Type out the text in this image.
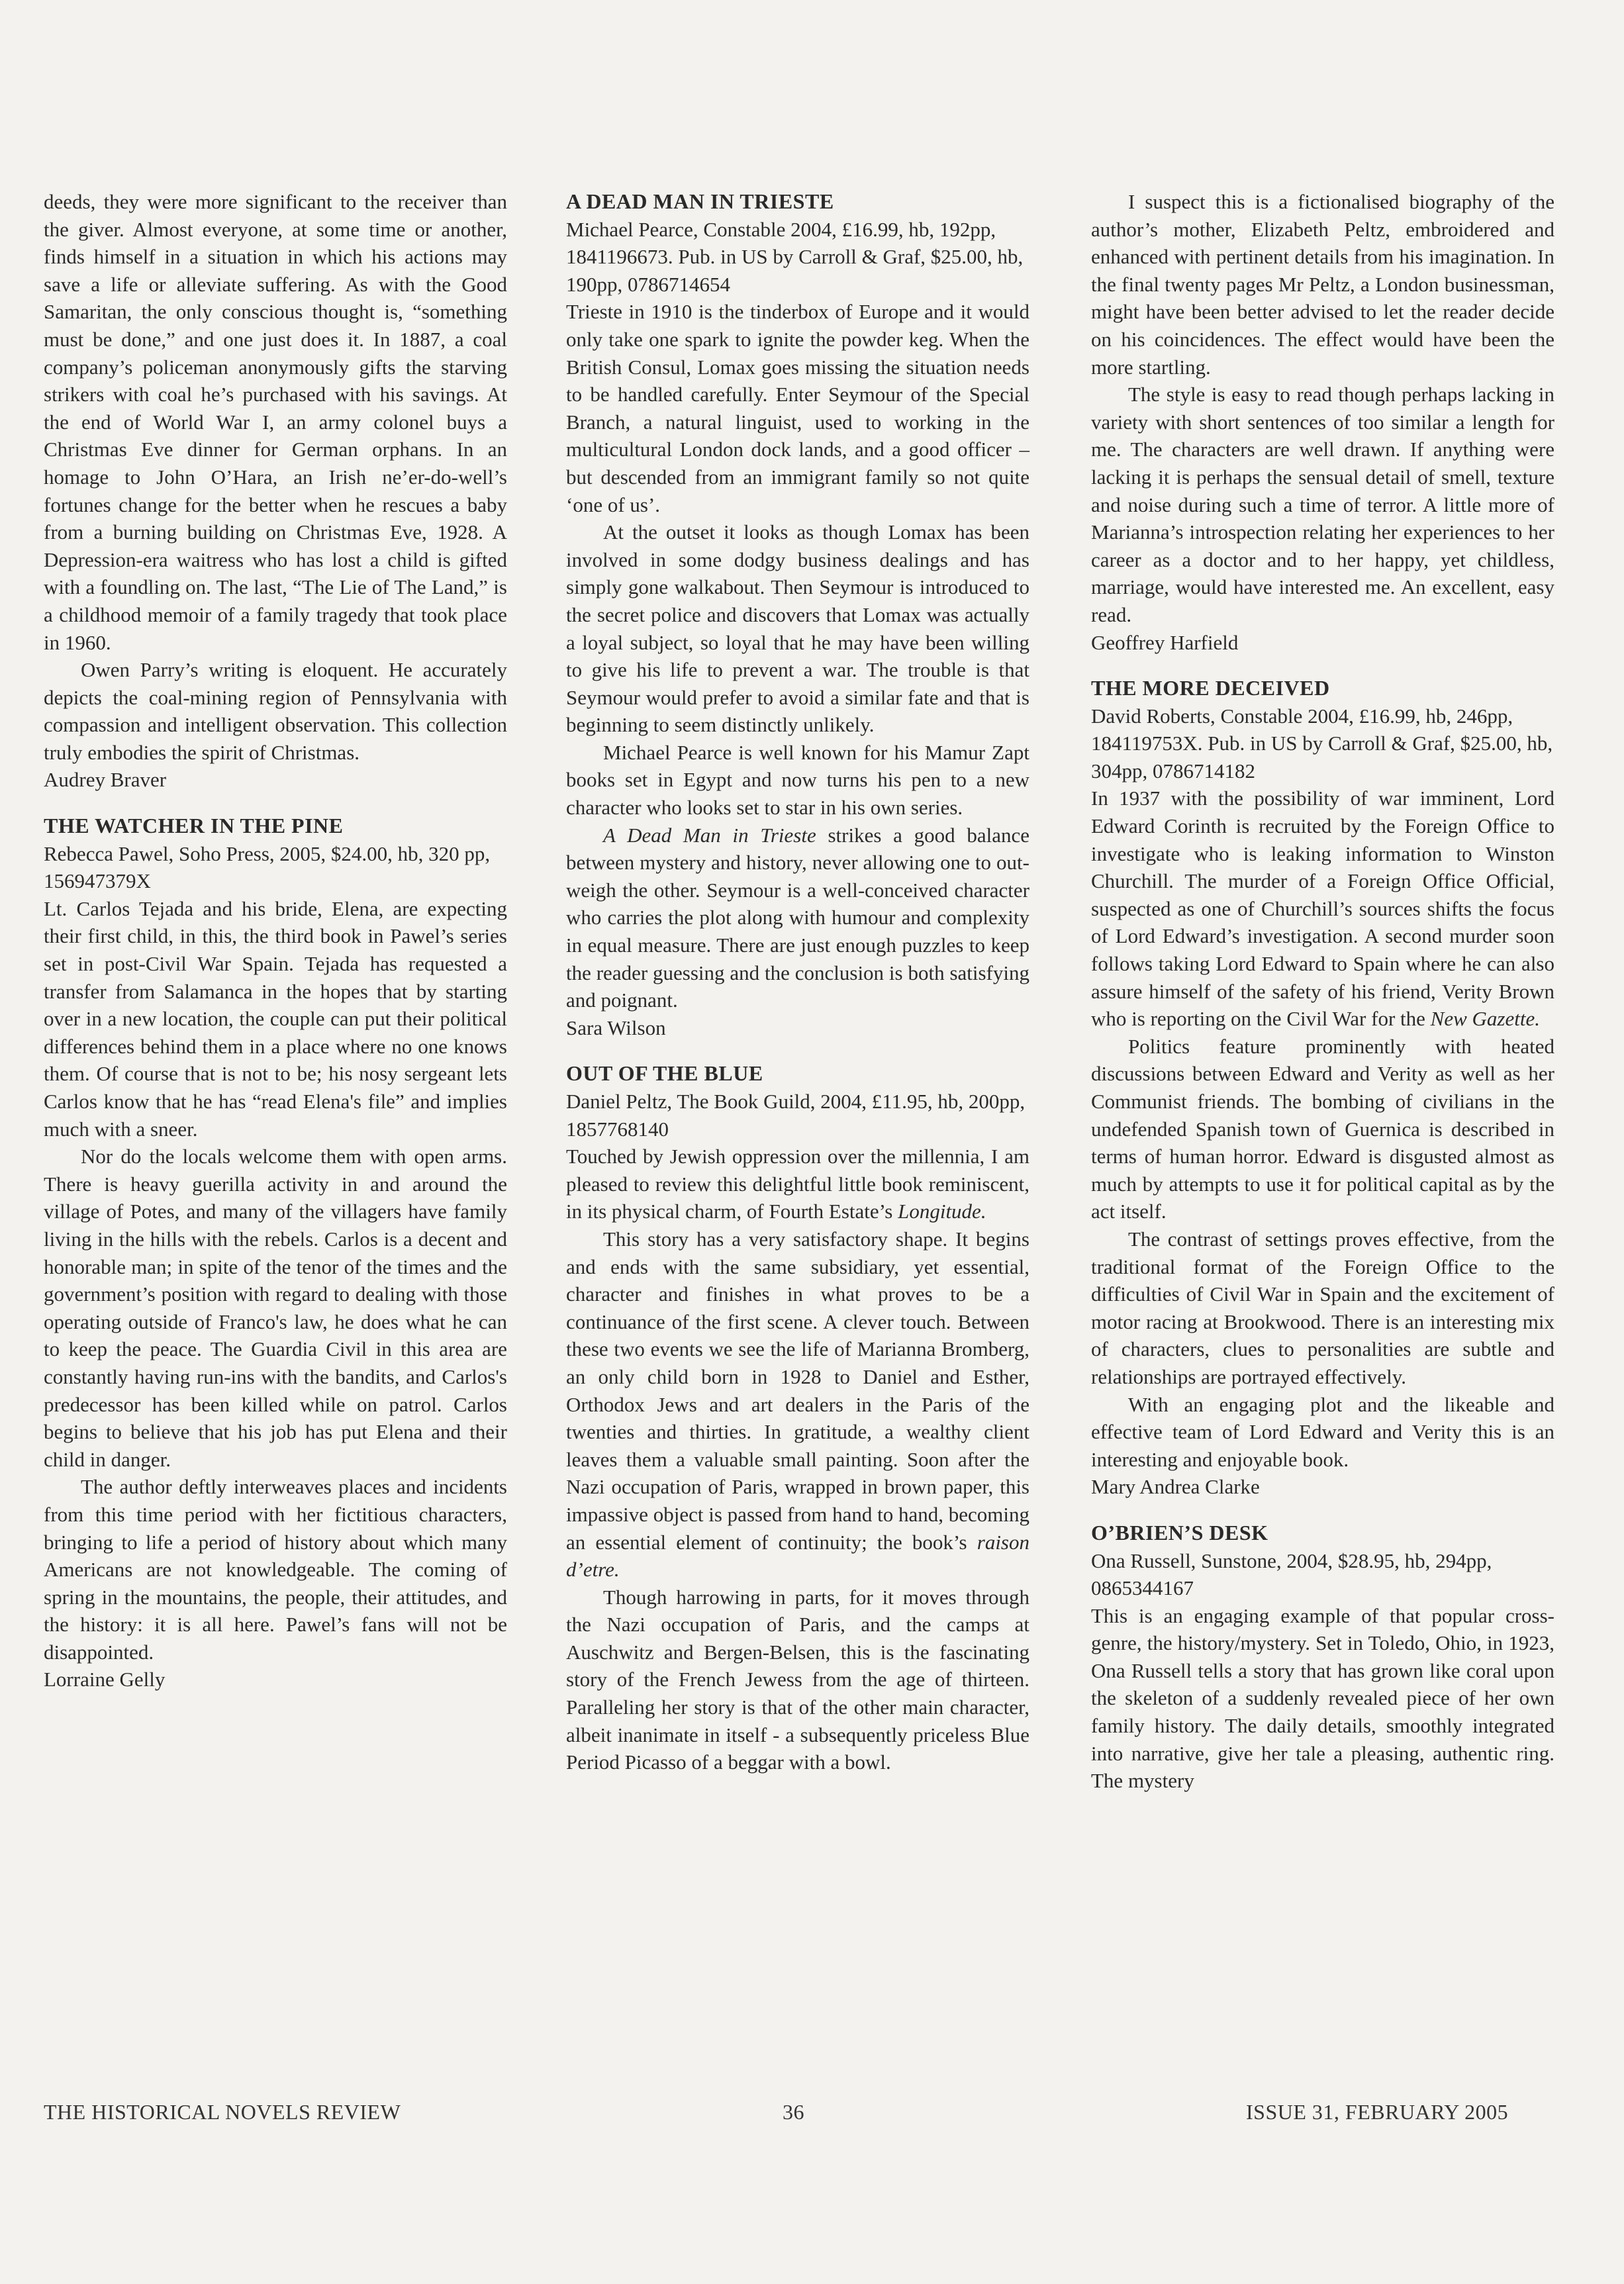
deeds, they were more significant to the receiver than the giver. Almost everyone, at some time or another, finds himself in a situation in which his actions may save a life or alleviate suffering. As with the Good Samaritan, the only conscious thought is, “something must be done,” and one just does it. In 1887, a coal company’s policeman anonymously gifts the starving strikers with coal he’s purchased with his savings. At the end of World War I, an army colonel buys a Christmas Eve dinner for German orphans. In an homage to John O’Hara, an Irish ne’er-do-well’s fortunes change for the better when he rescues a baby from a burning building on Christmas Eve, 1928. A Depression-era waitress who has lost a child is gifted with a foundling on. The last, “The Lie of The Land,” is a childhood memoir of a family tragedy that took place in 1960.

Owen Parry’s writing is eloquent. He accurately depicts the coal-mining region of Pennsylvania with compassion and intelligent observation. This collection truly embodies the spirit of Christmas.

Audrey Braver

THE WATCHER IN THE PINE

Rebecca Pawel, Soho Press, 2005, $24.00, hb, 320 pp, 156947379X

Lt. Carlos Tejada and his bride, Elena, are expecting their first child, in this, the third book in Pawel’s series set in post-Civil War Spain. Tejada has requested a transfer from Salamanca in the hopes that by starting over in a new location, the couple can put their political differences behind them in a place where no one knows them. Of course that is not to be; his nosy sergeant lets Carlos know that he has “read Elena's file” and implies much with a sneer.

Nor do the locals welcome them with open arms. There is heavy guerilla activity in and around the village of Potes, and many of the villagers have family living in the hills with the rebels. Carlos is a decent and honorable man; in spite of the tenor of the times and the government’s position with regard to dealing with those operating outside of Franco's law, he does what he can to keep the peace. The Guardia Civil in this area are constantly having run-ins with the bandits, and Carlos's predecessor has been killed while on patrol. Carlos begins to believe that his job has put Elena and their child in danger.

The author deftly interweaves places and incidents from this time period with her fictitious characters, bringing to life a period of history about which many Americans are not knowledgeable. The coming of spring in the mountains, the people, their attitudes, and the history: it is all here. Pawel’s fans will not be disappointed.

Lorraine Gelly

A DEAD MAN IN TRIESTE

Michael Pearce, Constable 2004, £16.99, hb, 192pp, 1841196673. Pub. in US by Carroll & Graf, $25.00, hb, 190pp, 0786714654

Trieste in 1910 is the tinderbox of Europe and it would only take one spark to ignite the powder keg. When the British Consul, Lomax goes missing the situation needs to be handled carefully. Enter Seymour of the Special Branch, a natural linguist, used to working in the multicultural London dock lands, and a good officer – but descended from an immigrant family so not quite ‘one of us’.

At the outset it looks as though Lomax has been involved in some dodgy business dealings and has simply gone walkabout. Then Seymour is introduced to the secret police and discovers that Lomax was actually a loyal subject, so loyal that he may have been willing to give his life to prevent a war. The trouble is that Seymour would prefer to avoid a similar fate and that is beginning to seem distinctly unlikely.

Michael Pearce is well known for his Mamur Zapt books set in Egypt and now turns his pen to a new character who looks set to star in his own series.

A Dead Man in Trieste strikes a good balance between mystery and history, never allowing one to out-weigh the other. Seymour is a well-conceived character who carries the plot along with humour and complexity in equal measure. There are just enough puzzles to keep the reader guessing and the conclusion is both satisfying and poignant.

Sara Wilson

OUT OF THE BLUE

Daniel Peltz, The Book Guild, 2004, £11.95, hb, 200pp, 1857768140

Touched by Jewish oppression over the millennia, I am pleased to review this delightful little book reminiscent, in its physical charm, of Fourth Estate’s Longitude.

This story has a very satisfactory shape. It begins and ends with the same subsidiary, yet essential, character and finishes in what proves to be a continuance of the first scene. A clever touch. Between these two events we see the life of Marianna Bromberg, an only child born in 1928 to Daniel and Esther, Orthodox Jews and art dealers in the Paris of the twenties and thirties. In gratitude, a wealthy client leaves them a valuable small painting. Soon after the Nazi occupation of Paris, wrapped in brown paper, this impassive object is passed from hand to hand, becoming an essential element of continuity; the book’s raison d’etre.

Though harrowing in parts, for it moves through the Nazi occupation of Paris, and the camps at Auschwitz and Bergen-Belsen, this is the fascinating story of the French Jewess from the age of thirteen. Paralleling her story is that of the other main character, albeit inanimate in itself - a subsequently priceless Blue Period Picasso of a beggar with a bowl.

I suspect this is a fictionalised biography of the author’s mother, Elizabeth Peltz, embroidered and enhanced with pertinent details from his imagination. In the final twenty pages Mr Peltz, a London businessman, might have been better advised to let the reader decide on his coincidences. The effect would have been the more startling.

The style is easy to read though perhaps lacking in variety with short sentences of too similar a length for me. The characters are well drawn. If anything were lacking it is perhaps the sensual detail of smell, texture and noise during such a time of terror. A little more of Marianna’s introspection relating her experiences to her career as a doctor and to her happy, yet childless, marriage, would have interested me. An excellent, easy read.

Geoffrey Harfield

THE MORE DECEIVED

David Roberts, Constable 2004, £16.99, hb, 246pp, 184119753X. Pub. in US by Carroll & Graf, $25.00, hb, 304pp, 0786714182

In 1937 with the possibility of war imminent, Lord Edward Corinth is recruited by the Foreign Office to investigate who is leaking information to Winston Churchill. The murder of a Foreign Office Official, suspected as one of Churchill’s sources shifts the focus of Lord Edward’s investigation. A second murder soon follows taking Lord Edward to Spain where he can also assure himself of the safety of his friend, Verity Brown who is reporting on the Civil War for the New Gazette.

Politics feature prominently with heated discussions between Edward and Verity as well as her Communist friends. The bombing of civilians in the undefended Spanish town of Guernica is described in terms of human horror. Edward is disgusted almost as much by attempts to use it for political capital as by the act itself.

The contrast of settings proves effective, from the traditional format of the Foreign Office to the difficulties of Civil War in Spain and the excitement of motor racing at Brookwood. There is an interesting mix of characters, clues to personalities are subtle and relationships are portrayed effectively.

With an engaging plot and the likeable and effective team of Lord Edward and Verity this is an interesting and enjoyable book.

Mary Andrea Clarke

O’BRIEN’S DESK

Ona Russell, Sunstone, 2004, $28.95, hb, 294pp, 0865344167

This is an engaging example of that popular cross-genre, the history/mystery. Set in Toledo, Ohio, in 1923, Ona Russell tells a story that has grown like coral upon the skeleton of a suddenly revealed piece of her own family history. The daily details, smoothly integrated into narrative, give her tale a pleasing, authentic ring. The mystery

THE HISTORICAL NOVELS REVIEW	36	ISSUE 31, FEBRUARY 2005
